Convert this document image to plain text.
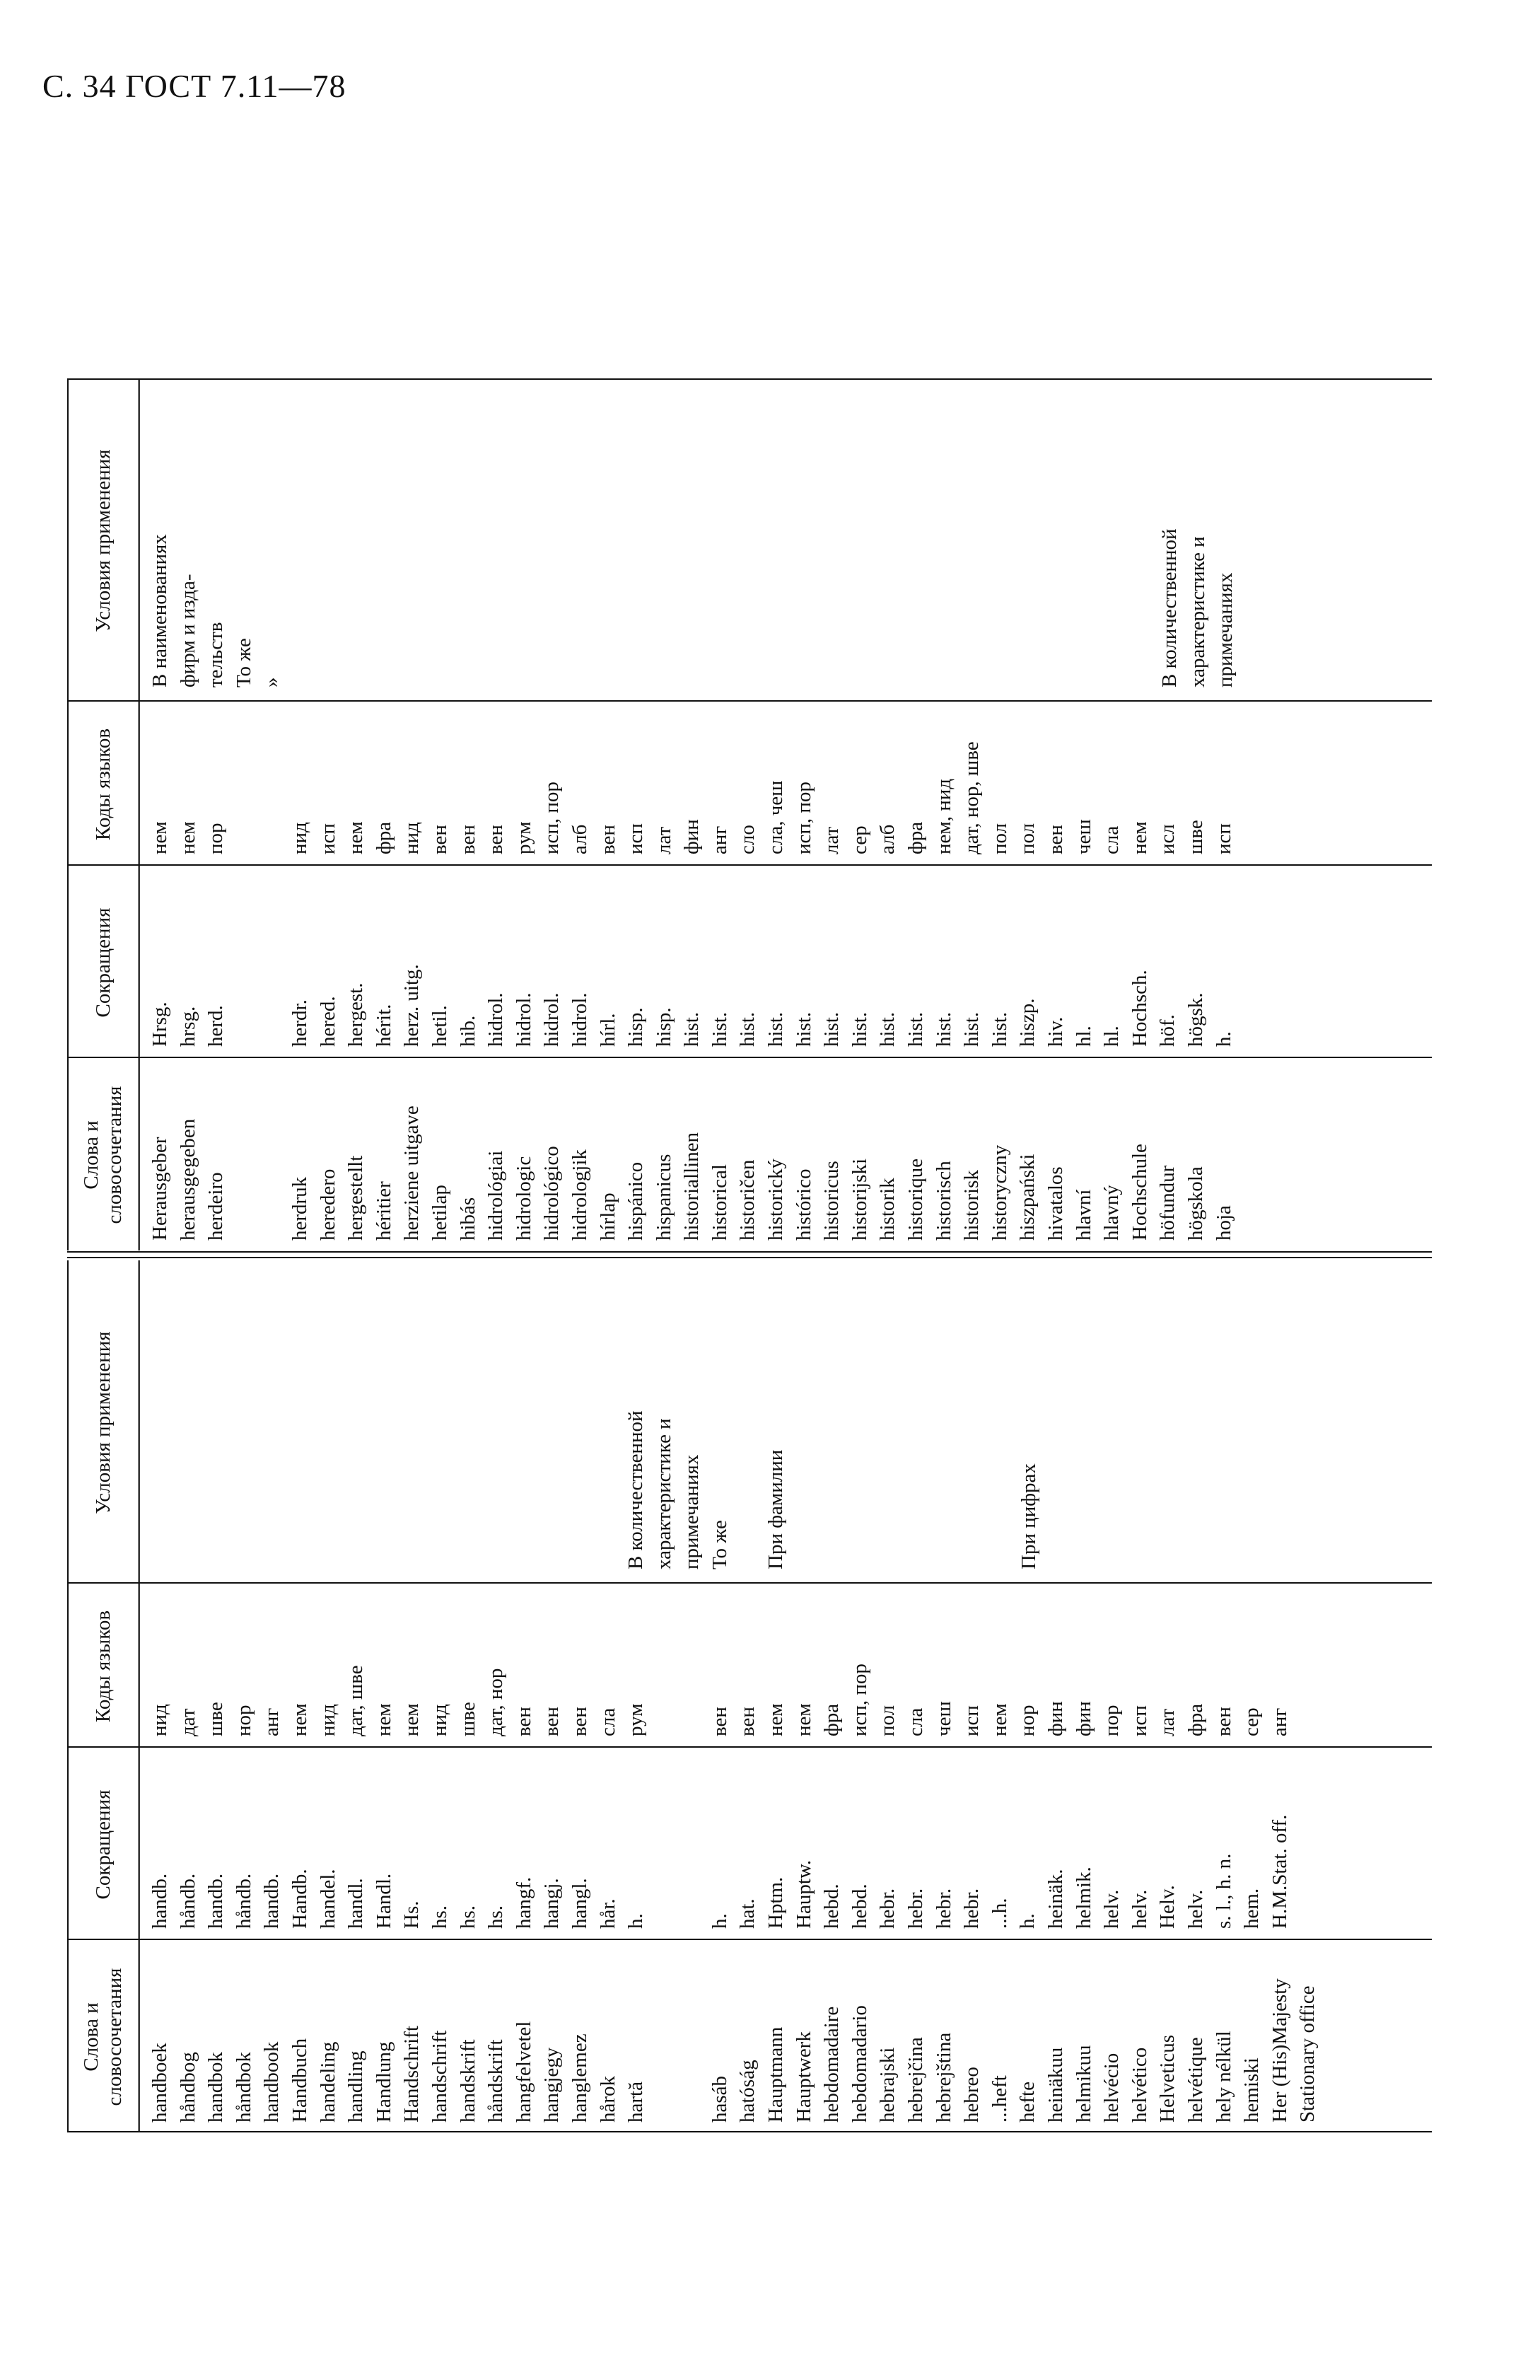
С. 34 ГОСТ 7.11—78
Слова и словосочетания
Сокращения
Коды языков
Условия применения
handboek
handb.
нид
håndbog
håndb.
дат
handbok
handb.
шве
håndbok
håndb.
нор
handbook
handb.
анг
Handbuch
Handb.
нем
handeling
handel.
нид
handling
handl.
дат, шве
Handlung
Handl.
нем
Handschrift
Hs.
нем
handschrift
hs.
нид
handskrift
hs.
шве
håndskrift
hs.
дат, нор
hangfelvetel
hangf.
вен
hangjegy
hangj.
вен
hanglemez
hangl.
вен
hårok
hår.
сла
hartă
h.
рум
hasáb
h.
вен
hatóság
hat.
вен
Hauptmann
Hptm.
нем
Hauptwerk
Hauptw.
нем
hebdomadaire
hebd.
фра
hebdomadario
hebd.
исп, пор
hebrajski
hebr.
пол
hebrejčina
hebr.
сла
hebrejština
hebr.
чеш
hebreo
hebr.
исп
...heft
...h.
нем
hefte
h.
нор
heinäkuu
heinäk.
фин
helmikuu
helmik.
фин
helvécio
helv.
пор
helvético
helv.
исп
Helveticus
Helv.
лат
helvétique
helv.
фра
hely nélkül
s. l., h. n.
вен
hemiski
hem.
сер
Her (His)Majesty
H.M.Stat. off.
анг
Stationary office
В количественной характеристике и примечаниях То же При фамилии	При цифрах
Слова и словосочетания
Сокращения
Коды языков
Условия применения
Herausgeber
Hrsg.
нем
herausgegeben
hrsg.
нем
herdeiro
herd.
пор
herdruk
herdr.
нид
heredero
hered.
исп
hergestellt
hergest.
нем
héritier
hérit.
фра
herziene uitgave
herz. uitg.
нид
hetilap
hetil.
вен
hibás
hib.
вен
hidrológiai
hidrol.
вен
hidrologic
hidrol.
рум
hidrológico
hidrol.
исп, пор
hidrologjik
hidrol.
алб
hírlap
hírl.
вен
hispánico
hisp.
исп
hispanicus
hisp.
лат
historiallinen
hist.
фин
historical
hist.
анг
historičen
hist.
сло
historický
hist.
сла, чеш
histórico
hist.
исп, пор
historicus
hist.
лат
historijski
hist.
сер
historik
hist.
алб
historique
hist.
фра
historisch
hist.
нем, нид
historisk
hist.
дат, нор, шве
historyczny
hist.
пол
hiszpański
hiszp.
пол
hivatalos
hiv.
вен
hlavní
hl.
чеш
hlavný
hl.
сла
Hochschule
Hochsch.
нем
höfundur
höf.
исл
högskola
högsk.
шве
hoja
h.
исп
В наименованиях фирм и изда- тельств То же »	В количественной характеристике и примечаниях
